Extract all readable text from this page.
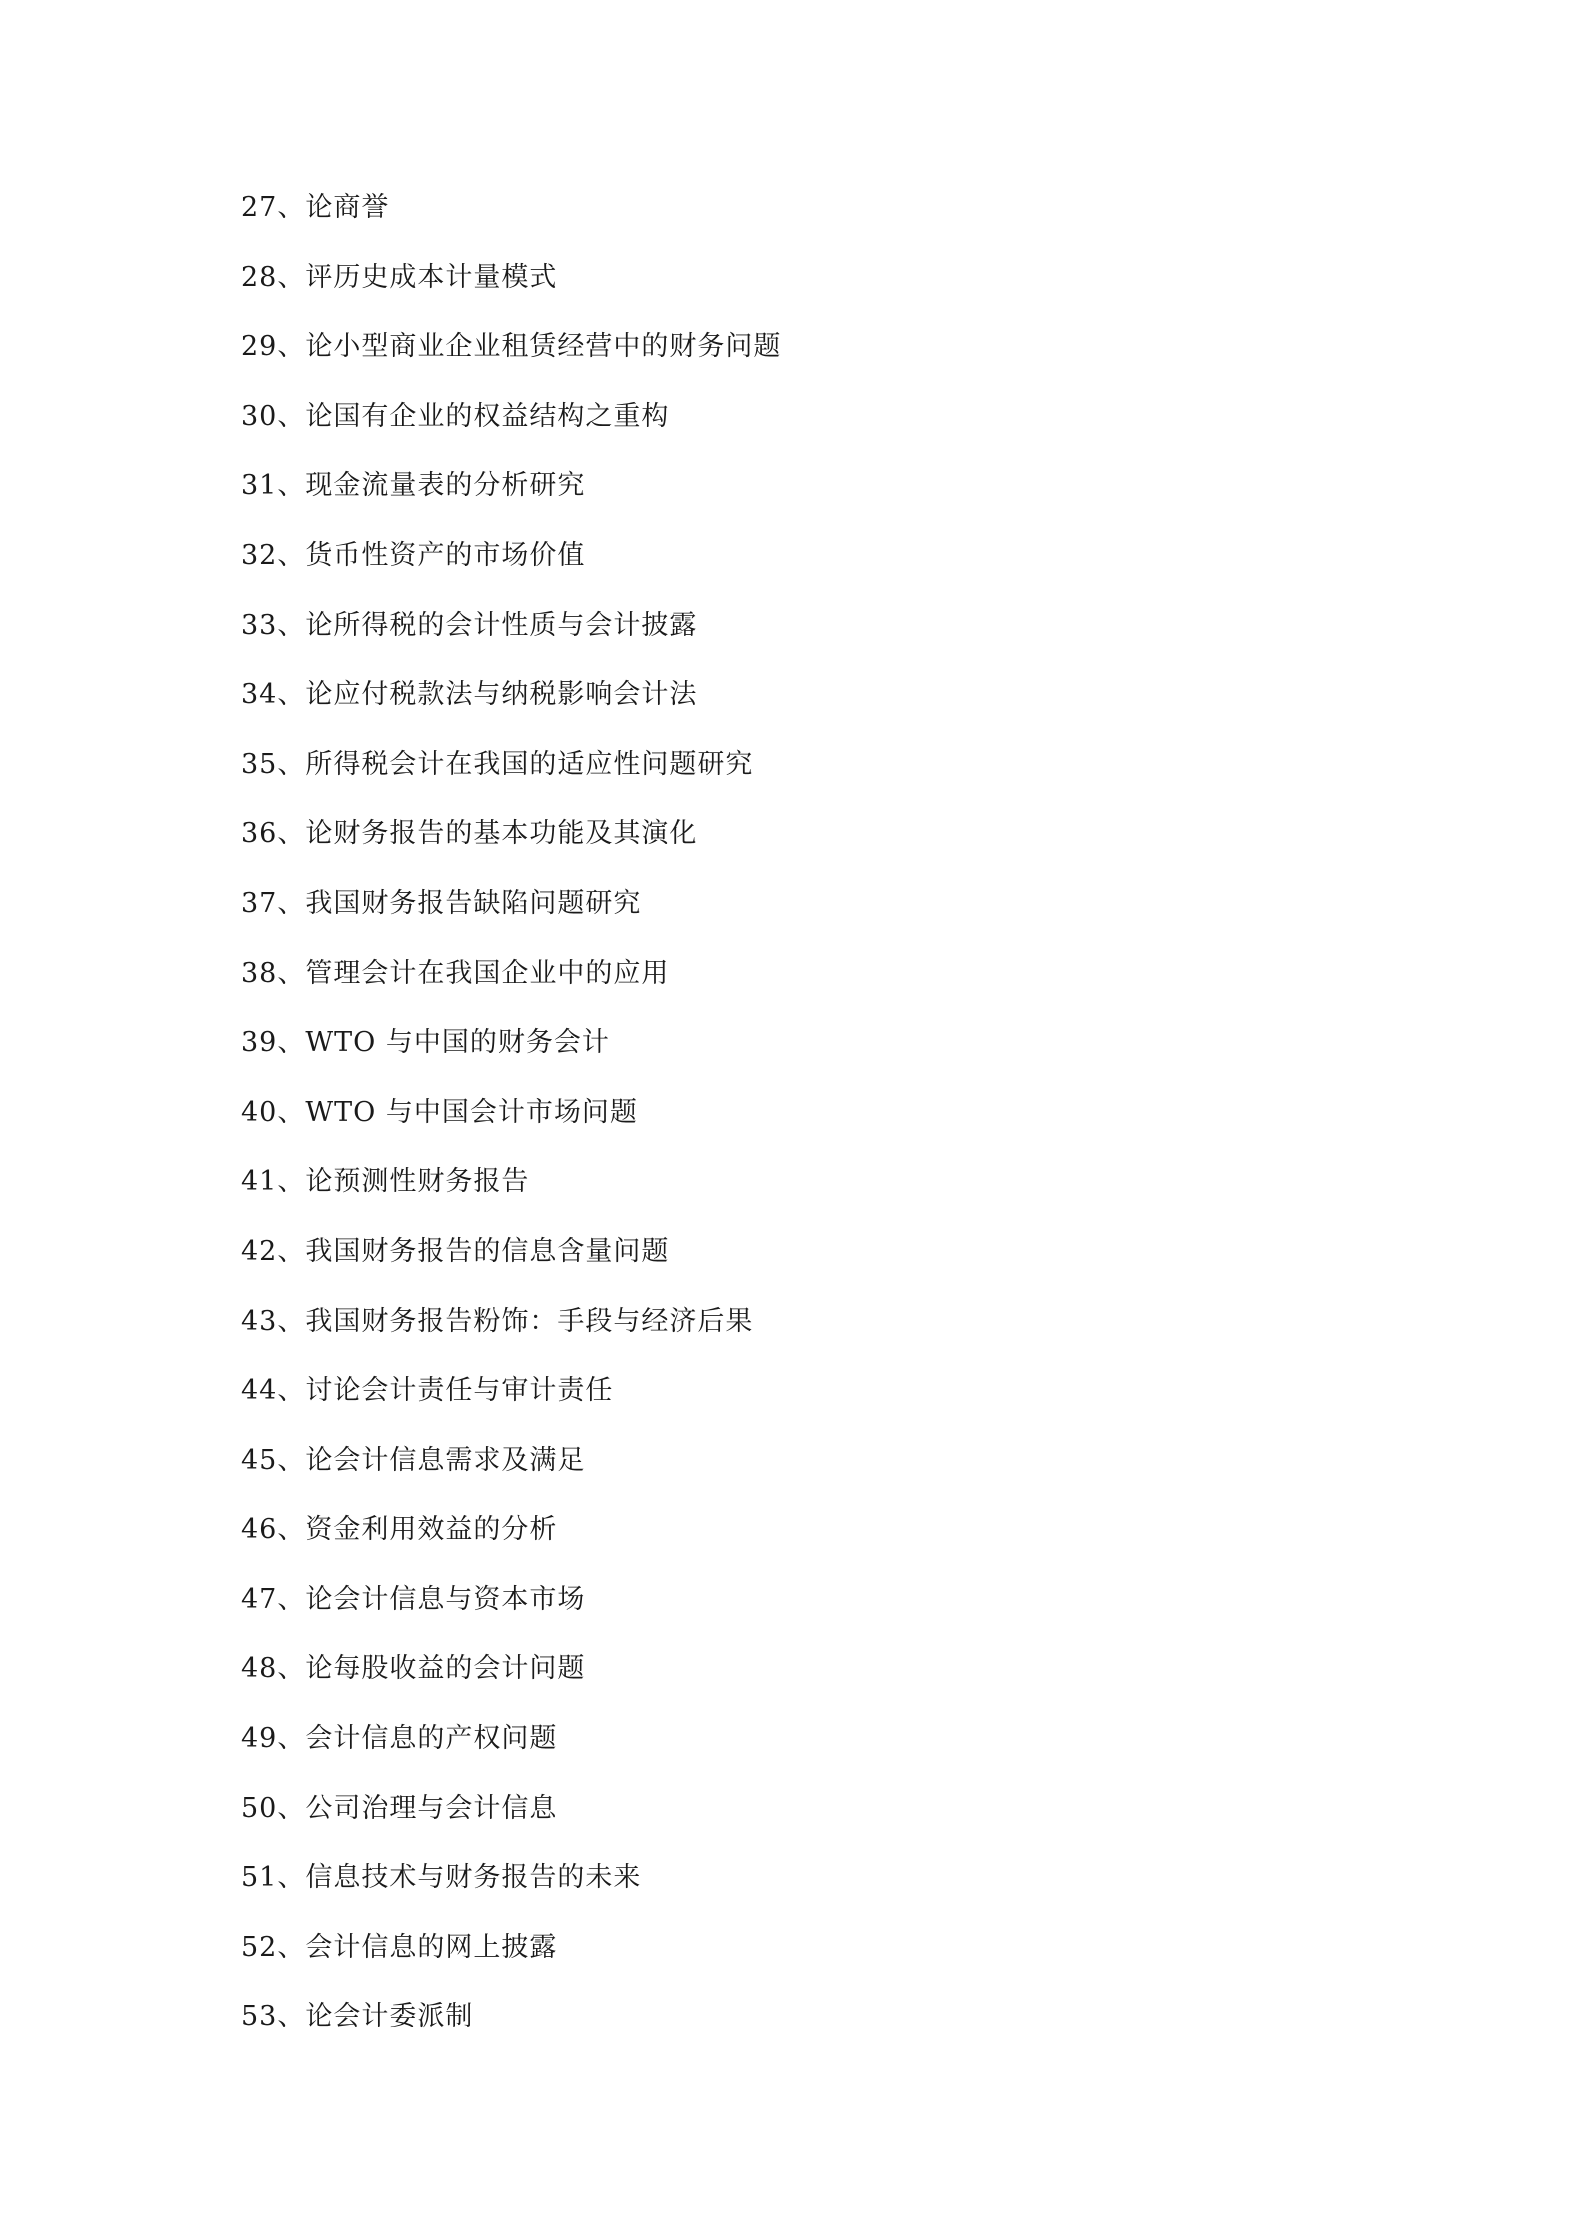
27、论商誉
28、评历史成本计量模式
29、论小型商业企业租赁经营中的财务问题
30、论国有企业的权益结构之重构
31、现金流量表的分析研究
32、货币性资产的市场价值
33、论所得税的会计性质与会计披露
34、论应付税款法与纳税影响会计法
35、所得税会计在我国的适应性问题研究
36、论财务报告的基本功能及其演化
37、我国财务报告缺陷问题研究
38、管理会计在我国企业中的应用
39、WTO 与中国的财务会计
40、WTO 与中国会计市场问题
41、论预测性财务报告
42、我国财务报告的信息含量问题
43、我国财务报告粉饰：手段与经济后果
44、讨论会计责任与审计责任
45、论会计信息需求及满足
46、资金利用效益的分析
47、论会计信息与资本市场
48、论每股收益的会计问题
49、会计信息的产权问题
50、公司治理与会计信息
51、信息技术与财务报告的未来
52、会计信息的网上披露
53、论会计委派制
